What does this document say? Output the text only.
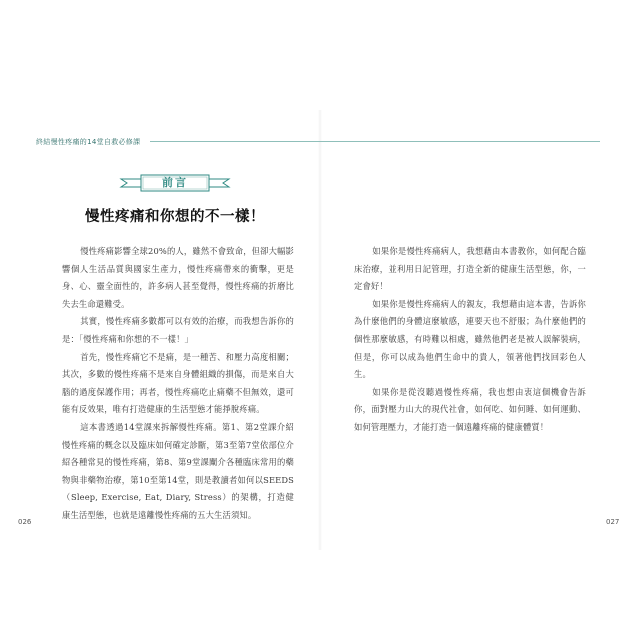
終結慢性疼痛的14堂自救必修課
前言
慢性疼痛和你想的不一樣！

慢性疼痛影響全球20%的人，雖然不會致命，但卻大幅影響個人生活品質與國家生產力，慢性疼痛帶來的衝擊，更是身、心、靈全面性的，許多病人甚至覺得，慢性疼痛的折磨比失去生命還難受。

其實，慢性疼痛多數都可以有效的治療，而我想告訴你的是：「慢性疼痛和你想的不一樣！」

首先，慢性疼痛它不是痛，是一種苦、和壓力高度相關；其次，多數的慢性疼痛不是來自身體組織的損傷，而是來自大腦的過度保護作用；再者，慢性疼痛吃止痛藥不但無效，還可能有反效果，唯有打造健康的生活型態才能掙脫疼痛。

這本書透過14堂課來拆解慢性疼痛。第1、第2堂課介紹慢性疼痛的概念以及臨床如何確定診斷，第3至第7堂依部位介紹各種常見的慢性疼痛，第8、第9堂課闡介各種臨床常用的藥物與非藥物治療，第10至第14堂，則是教讀者如何以SEEDS（Sleep, Exercise, Eat, Diary, Stress）的架構，打造健康生活型態，也就是遠離慢性疼痛的五大生活須知。

如果你是慢性疼痛病人，我想藉由本書教你，如何配合臨床治療，並利用日記管理，打造全新的健康生活型態，你，一定會好！

如果你是慢性疼痛病人的親友，我想藉由這本書，告訴你為什麼他們的身體這麼敏感，連要天也不舒服；為什麼他們的個性那麼敏感，有時難以相處，雖然他們老是被人誤解裝病，但是，你可以成為他們生命中的貴人，領著他們找回彩色人生。

如果你是從沒聽過慢性疼痛，我也想由衷這個機會告訴你，面對壓力山大的現代社會，如何吃、如何睡、如何運動、如何管理壓力，才能打造一個遠離疼痛的健康體質！

026	027
